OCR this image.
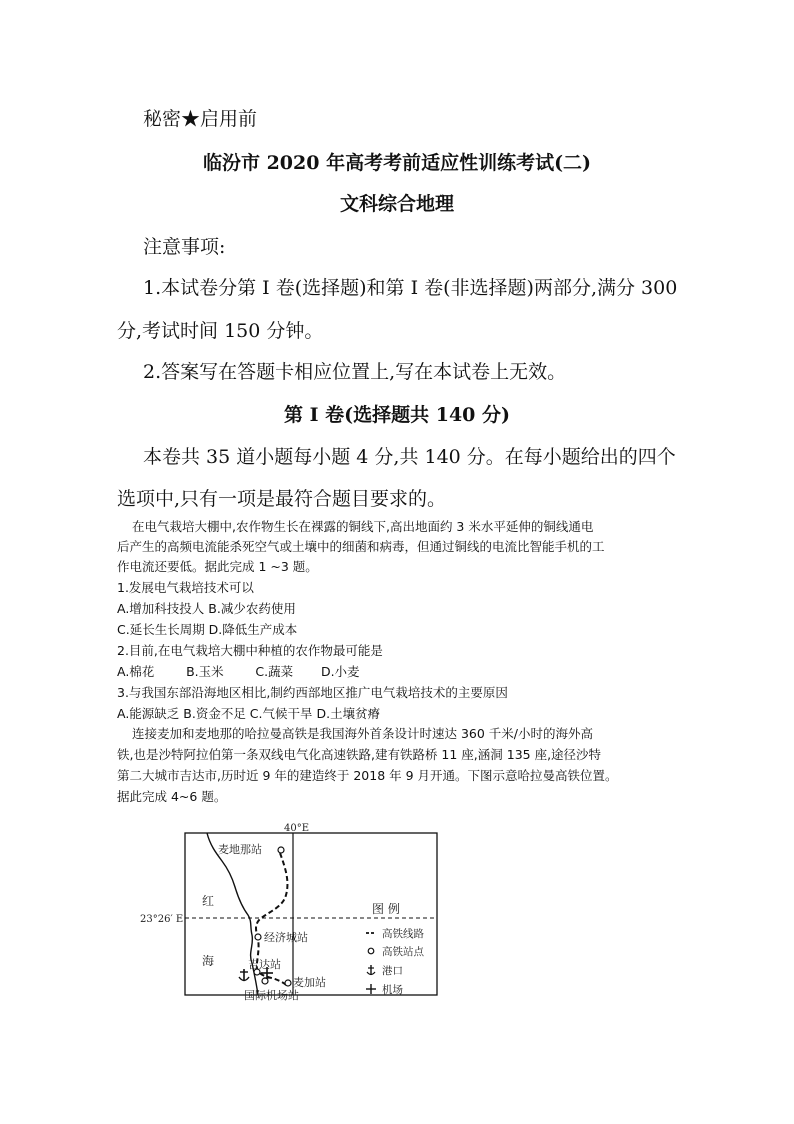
秘密★启用前
临汾市 2020 年高考考前适应性训练考试(二)
文科综合地理
注意事项:
1.本试卷分第 I 卷(选择题)和第 I 卷(非选择题)两部分,满分 300
分,考试时间 150 分钟。
2.答案写在答题卡相应位置上,写在本试卷上无效。
第 I 卷(选择题共 140 分)
本卷共 35 道小题每小题 4 分,共 140 分。在每小题给出的四个
选项中,只有一项是最符合题目要求的。
在电气栽培大棚中,农作物生长在裸露的铜线下,高出地面约 3 米水平延伸的铜线通电
后产生的高频电流能杀死空气或土壤中的细菌和病毒，但通过铜线的电流比智能手机的工
作电流还要低。据此完成 1 ~3 题。
1.发展电气栽培技术可以
A.增加科技投人 B.减少农药使用
C.延长生长周期 D.降低生产成本
2.目前,在电气栽培大棚中种植的农作物最可能是
A.棉花        B.玉米        C.蔬菜       D.小麦
3.与我国东部沿海地区相比,制约西部地区推广电气栽培技术的主要原因
A.能源缺乏 B.资金不足 C.气候干旱 D.土壤贫瘠
连接麦加和麦地那的哈拉曼高铁是我国海外首条设计时速达 360 千米/小时的海外高
铁,也是沙特阿拉伯第一条双线电气化高速铁路,建有铁路桥 11 座,涵洞 135 座,途径沙特
第二大城市吉达市,历时近 9 年的建造终于 2018 年 9 月开通。下图示意哈拉曼高铁位置。
据此完成 4~6 题。
40°E
23°26′ E
红
海
麦地那站
经济城站
吉达站
麦加站
国际机场站
图 例
高铁线路
高铁站点
港口
机场
